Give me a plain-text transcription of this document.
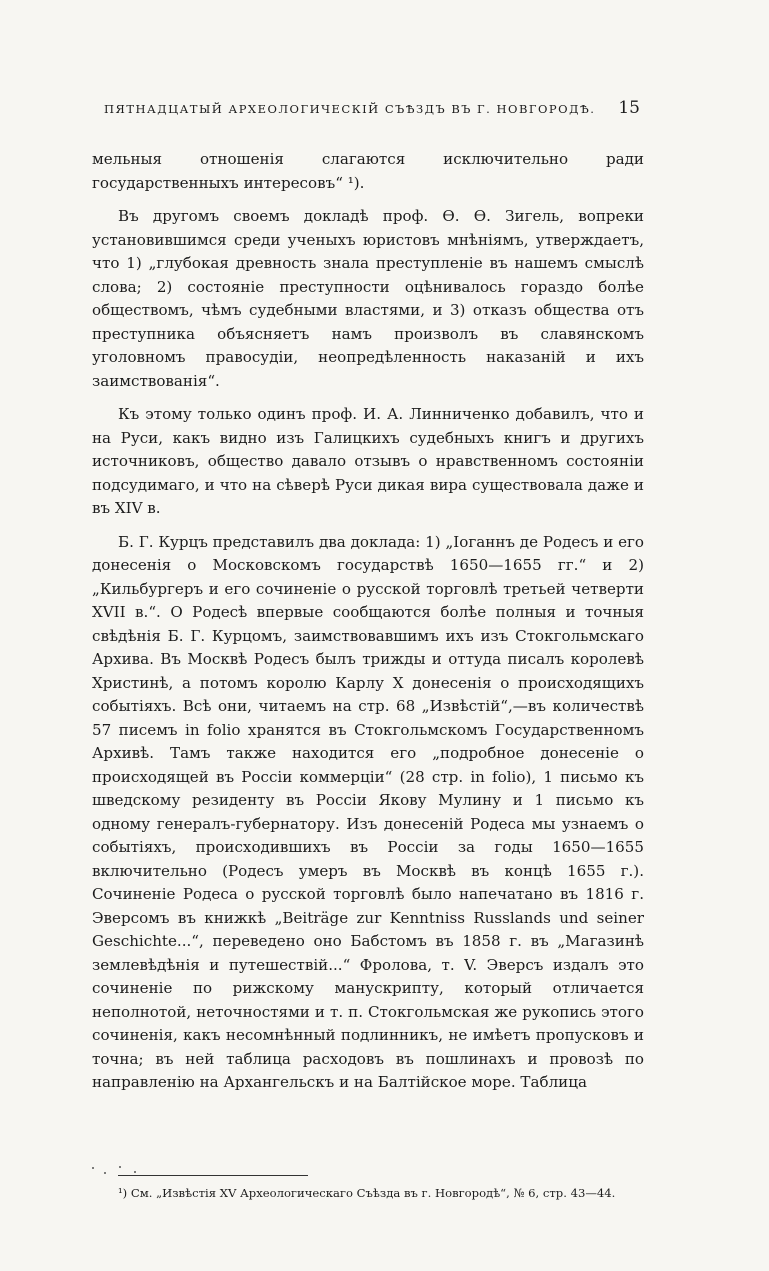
ПЯТНАДЦАТЫЙ АРХЕОЛОГИЧЕСКІЙ СЪѢЗДЪ ВЪ Г. НОВГОРОДѢ. 15

мельныя отношенія слагаются исключительно ради государственныхъ интересовъ“ ¹).

Въ другомъ своемъ докладѣ проф. Ѳ. Ѳ. Зигель, вопреки установившимся среди ученыхъ юристовъ мнѣніямъ, утверждаетъ, что 1) „глубокая древность знала преступленіе въ нашемъ смыслѣ слова; 2) состояніе преступности оцѣнивалось гораздо болѣе обществомъ, чѣмъ судебными властями, и 3) отказъ общества отъ преступника объясняетъ намъ произволъ въ славянскомъ уголовномъ правосудіи, неопредѣленность наказаній и ихъ заимствованія“.

Къ этому только одинъ проф. И. А. Линниченко добавилъ, что и на Руси, какъ видно изъ Галицкихъ судебныхъ книгъ и другихъ источниковъ, общество давало отзывъ о нравственномъ состояніи подсудимаго, и что на сѣверѣ Руси дикая вира существовала даже и въ XIV в.

Б. Г. Курцъ представилъ два доклада: 1) „Іоганнъ де Родесъ и его донесенія о Московскомъ государствѣ 1650—1655 гг.“ и 2) „Кильбургеръ и его сочиненіе о русской торговлѣ третьей четверти XVII в.“. О Родесѣ впервые сообщаются болѣе полныя и точныя свѣдѣнія Б. Г. Курцомъ, заимствовавшимъ ихъ изъ Стокгольмскаго Архива. Въ Москвѣ Родесъ былъ трижды и оттуда писалъ королевѣ Христинѣ, а потомъ королю Карлу X донесенія о происходящихъ событіяхъ. Всѣ они, читаемъ на стр. 68 „Извѣстій“,—въ количествѣ 57 писемъ in folio хранятся въ Стокгольмскомъ Государственномъ Архивѣ. Тамъ также находится его „подробное донесеніе о происходящей въ Россіи коммерціи“ (28 стр. in folio), 1 письмо къ шведскому резиденту въ Россіи Якову Мулину и 1 письмо къ одному генералъ-губернатору. Изъ донесеній Родеса мы узнаемъ о событіяхъ, происходившихъ въ Россіи за годы 1650—1655 включительно (Родесъ умеръ въ Москвѣ въ концѣ 1655 г.). Сочиненіе Родеса о русской торговлѣ было напечатано въ 1816 г. Эверсомъ въ книжкѣ „Beiträge zur Kenntniss Russlands und seiner Geschichte...“, переведено оно Бабстомъ въ 1858 г. въ „Магазинѣ землевѣдѣнія и путешествій...“ Фролова, т. V. Эверсъ издалъ это сочиненіе по рижскому манускрипту, который отличается неполнотой, неточностями и т. п. Стокгольмская же рукопись этого сочиненія, какъ несомнѣнный подлинникъ, не имѣетъ пропусковъ и точна; въ ней таблица расходовъ въ пошлинахъ и провозѣ по направленію на Архангельскъ и на Балтійское море. Таблица

¹) См. „Извѣстія XV Археологическаго Съѣзда въ г. Новгородѣ“, № 6, стр. 43—44.
